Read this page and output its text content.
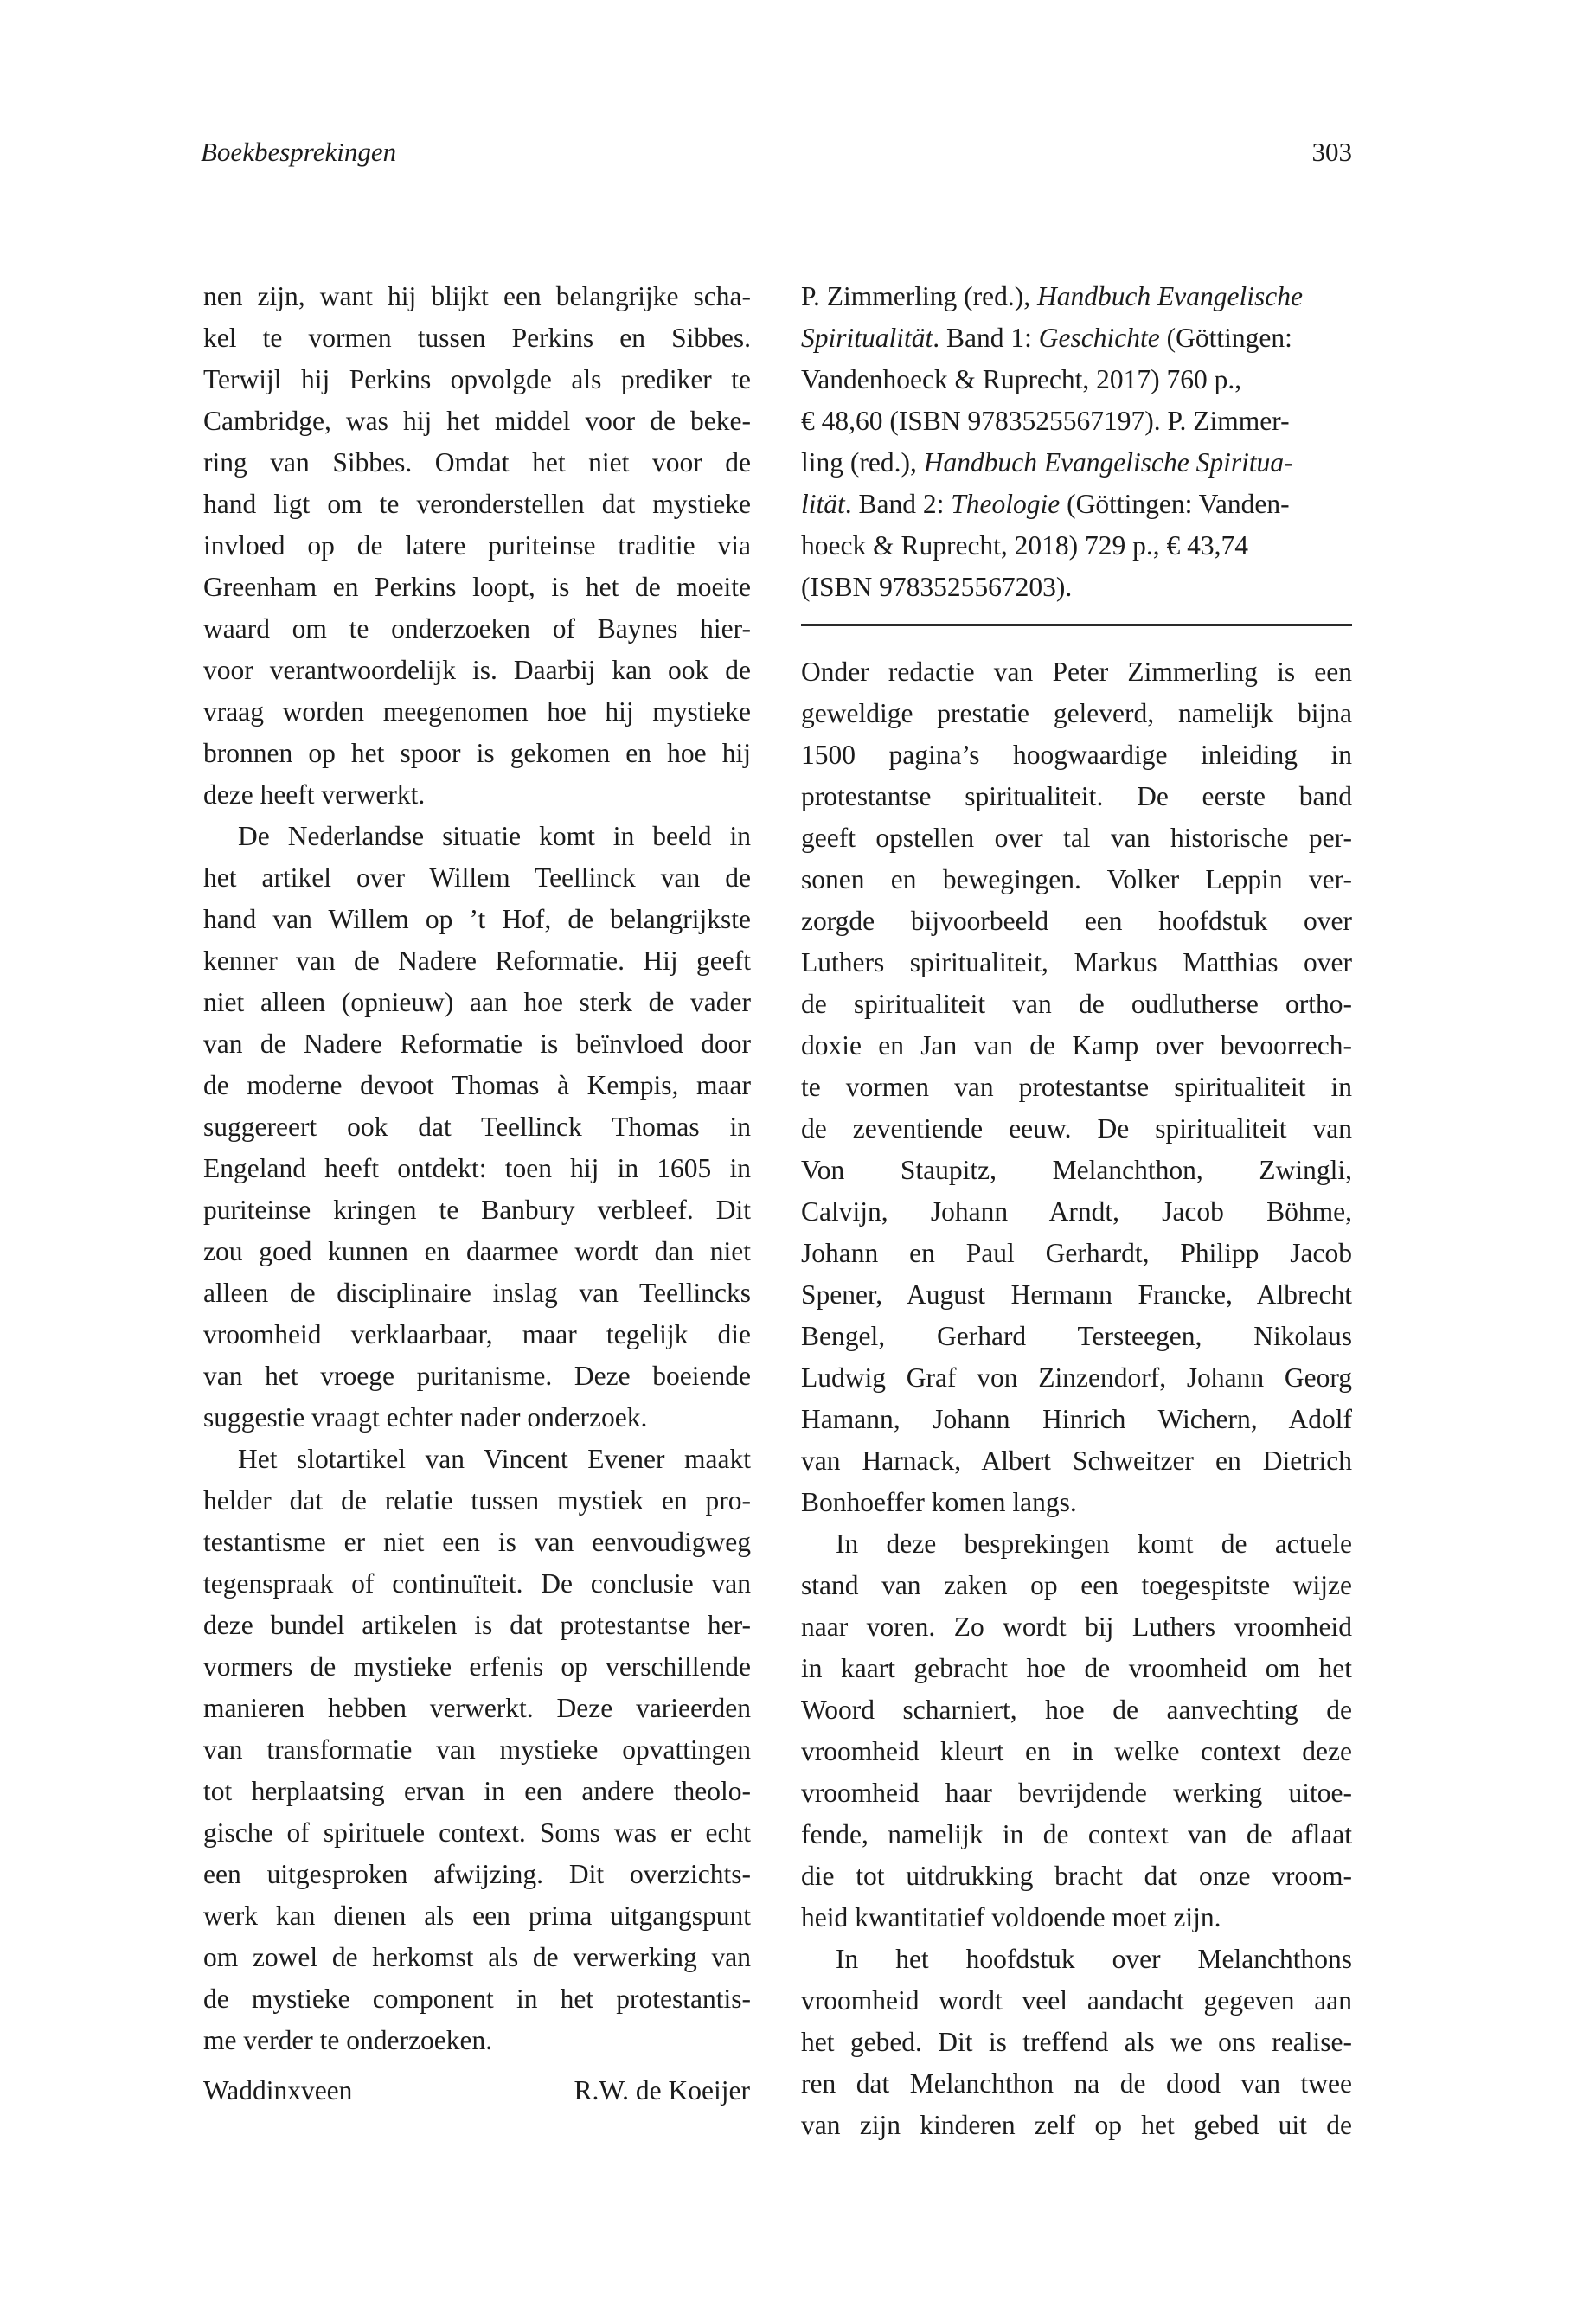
Boekbesprekingen	303
nen zijn, want hij blijkt een belangrijke scha-
kel te vormen tussen Perkins en Sibbes.
Terwijl hij Perkins opvolgde als prediker te
Cambridge, was hij het middel voor de beke-
ring van Sibbes. Omdat het niet voor de
hand ligt om te veronderstellen dat mystieke
invloed op de latere puriteinse traditie via
Greenham en Perkins loopt, is het de moeite
waard om te onderzoeken of Baynes hier-
voor verantwoordelijk is. Daarbij kan ook de
vraag worden meegenomen hoe hij mystieke
bronnen op het spoor is gekomen en hoe hij
deze heeft verwerkt.
De Nederlandse situatie komt in beeld in
het artikel over Willem Teellinck van de
hand van Willem op ’t Hof, de belangrijkste
kenner van de Nadere Reformatie. Hij geeft
niet alleen (opnieuw) aan hoe sterk de vader
van de Nadere Reformatie is beïnvloed door
de moderne devoot Thomas à Kempis, maar
suggereert ook dat Teellinck Thomas in
Engeland heeft ontdekt: toen hij in 1605 in
puriteinse kringen te Banbury verbleef. Dit
zou goed kunnen en daarmee wordt dan niet
alleen de disciplinaire inslag van Teellincks
vroomheid verklaarbaar, maar tegelijk die
van het vroege puritanisme. Deze boeiende
suggestie vraagt echter nader onderzoek.
Het slotartikel van Vincent Evener maakt
helder dat de relatie tussen mystiek en pro-
testantisme er niet een is van eenvoudigweg
tegenspraak of continuïteit. De conclusie van
deze bundel artikelen is dat protestantse her-
vormers de mystieke erfenis op verschillende
manieren hebben verwerkt. Deze varieerden
van transformatie van mystieke opvattingen
tot herplaatsing ervan in een andere theolo-
gische of spirituele context. Soms was er echt
een uitgesproken afwijzing. Dit overzichts-
werk kan dienen als een prima uitgangspunt
om zowel de herkomst als de verwerking van
de mystieke component in het protestantis-
me verder te onderzoeken.
Waddinxveen	R.W. de Koeijer
P. Zimmerling (red.), Handbuch Evangelische
Spiritualität. Band 1: Geschichte (Göttingen:
Vandenhoeck & Ruprecht, 2017) 760 p.,
€ 48,60 (ISBN 9783525567197). P. Zimmer-
ling (red.), Handbuch Evangelische Spiritua-
lität. Band 2: Theologie (Göttingen: Vanden-
hoeck & Ruprecht, 2018) 729 p., € 43,74
(ISBN 9783525567203).
Onder redactie van Peter Zimmerling is een
geweldige prestatie geleverd, namelijk bijna
1500 pagina’s hoogwaardige inleiding in
protestantse spiritualiteit. De eerste band
geeft opstellen over tal van historische per-
sonen en bewegingen. Volker Leppin ver-
zorgde bijvoorbeeld een hoofdstuk over
Luthers spiritualiteit, Markus Matthias over
de spiritualiteit van de oudlutherse ortho-
doxie en Jan van de Kamp over bevoorrech-
te vormen van protestantse spiritualiteit in
de zeventiende eeuw. De spiritualiteit van
Von Staupitz, Melanchthon, Zwingli,
Calvijn, Johann Arndt, Jacob Böhme,
Johann en Paul Gerhardt, Philipp Jacob
Spener, August Hermann Francke, Albrecht
Bengel, Gerhard Tersteegen, Nikolaus
Ludwig Graf von Zinzendorf, Johann Georg
Hamann, Johann Hinrich Wichern, Adolf
van Harnack, Albert Schweitzer en Dietrich
Bonhoeffer komen langs.
In deze besprekingen komt de actuele
stand van zaken op een toegespitste wijze
naar voren. Zo wordt bij Luthers vroomheid
in kaart gebracht hoe de vroomheid om het
Woord scharniert, hoe de aanvechting de
vroomheid kleurt en in welke context deze
vroomheid haar bevrijdende werking uitoe-
fende, namelijk in de context van de aflaat
die tot uitdrukking bracht dat onze vroom-
heid kwantitatief voldoende moet zijn.
In het hoofdstuk over Melanchthons
vroomheid wordt veel aandacht gegeven aan
het gebed. Dit is treffend als we ons realise-
ren dat Melanchthon na de dood van twee
van zijn kinderen zelf op het gebed uit de
